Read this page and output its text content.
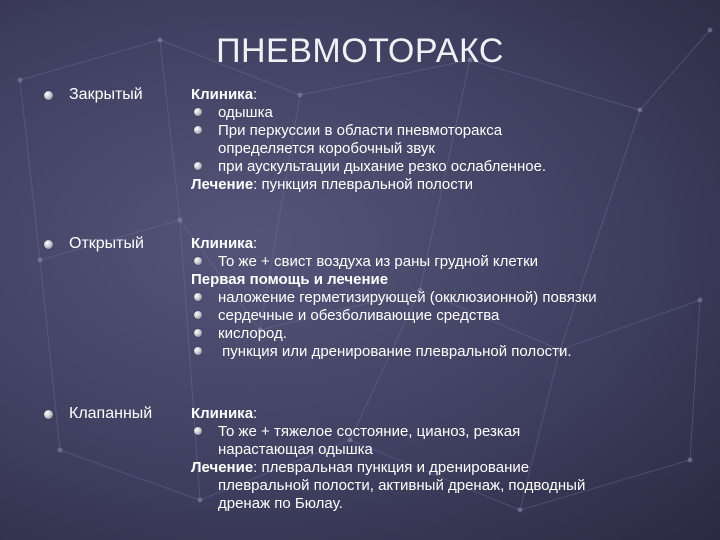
ПНЕВМОТОРАКС
Закрытый	Клиника:
одышка
При перкуссии в области пневмоторакса
определяется коробочный звук
при аускультации дыхание резко ослабленное.
Лечение: пункция плевральной полости
Открытый	Клиника:
То же + свист воздуха из раны грудной клетки
Первая помощь и лечение
наложение герметизирующей (окклюзионной) повязки
сердечные и обезболивающие средства
кислород.
пункция или дренирование плевральной полости.
Клапанный	Клиника:
То же + тяжелое состояние, цианоз, резкая
нарастающая одышка
Лечение: плевральная пункция и дренирование
плевральной полости, активный дренаж, подводный
дренаж по Бюлау.
